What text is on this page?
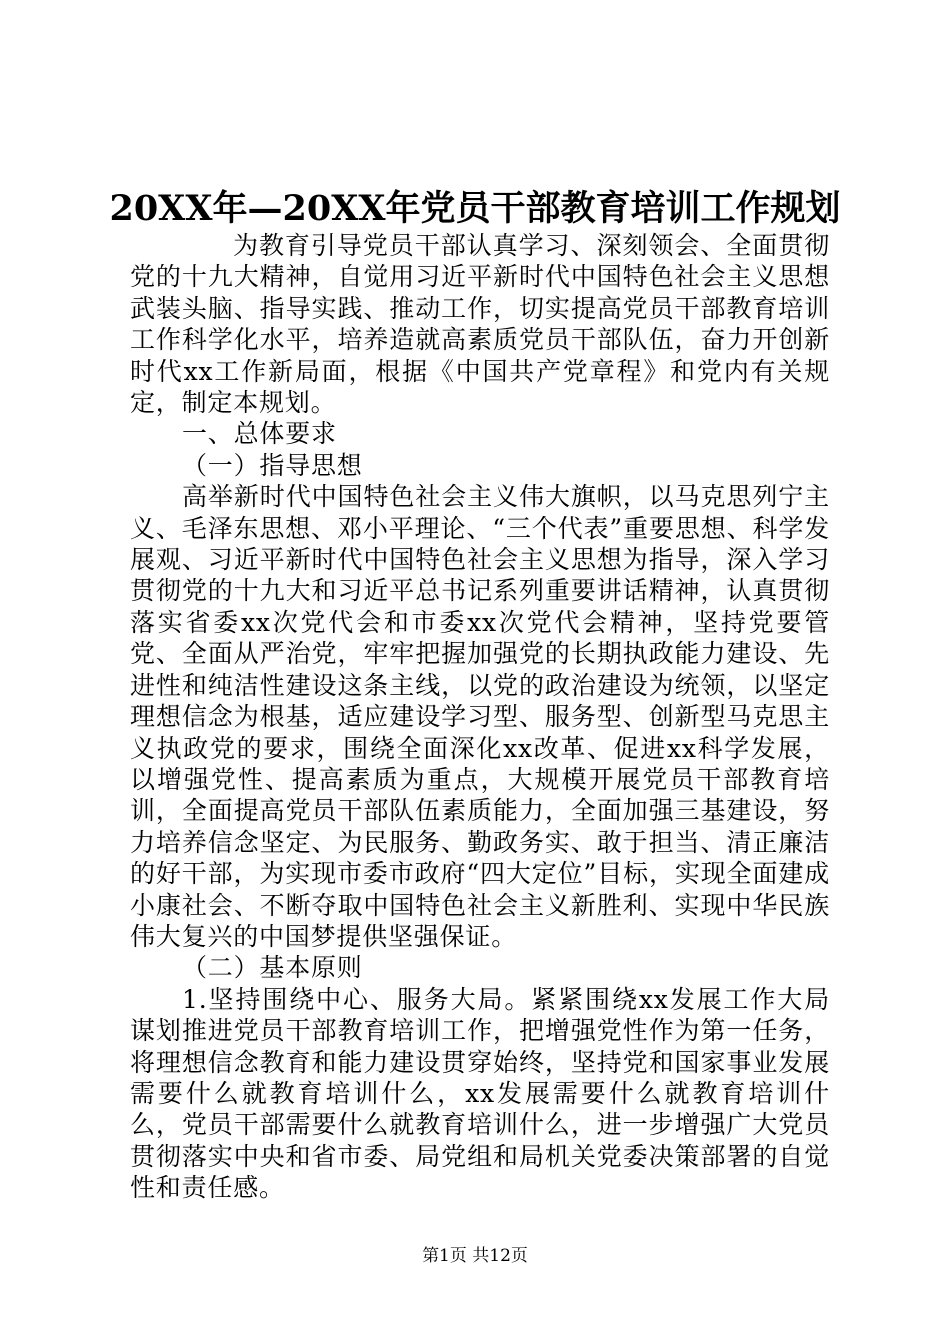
20XX年—20XX年党员干部教育培训工作规划

为教育引导党员干部认真学习、深刻领会、全面贯彻党的十九大精神，自觉用习近平新时代中国特色社会主义思想武装头脑、指导实践、推动工作，切实提高党员干部教育培训工作科学化水平，培养造就高素质党员干部队伍，奋力开创新时代xx工作新局面，根据《中国共产党章程》和党内有关规定，制定本规划。

一、总体要求

（一）指导思想

高举新时代中国特色社会主义伟大旗帜，以马克思列宁主义、毛泽东思想、邓小平理论、“三个代表”重要思想、科学发展观、习近平新时代中国特色社会主义思想为指导，深入学习贯彻党的十九大和习近平总书记系列重要讲话精神，认真贯彻落实省委xx次党代会和市委xx次党代会精神，坚持党要管党、全面从严治党，牢牢把握加强党的长期执政能力建设、先进性和纯洁性建设这条主线，以党的政治建设为统领，以坚定理想信念为根基，适应建设学习型、服务型、创新型马克思主义执政党的要求，围绕全面深化xx改革、促进xx科学发展，以增强党性、提高素质为重点，大规模开展党员干部教育培训，全面提高党员干部队伍素质能力，全面加强三基建设，努力培养信念坚定、为民服务、勤政务实、敢于担当、清正廉洁的好干部，为实现市委市政府“四大定位”目标，实现全面建成小康社会、不断夺取中国特色社会主义新胜利、实现中华民族伟大复兴的中国梦提供坚强保证。

（二）基本原则

1.坚持围绕中心、服务大局。紧紧围绕xx发展工作大局谋划推进党员干部教育培训工作，把增强党性作为第一任务，将理想信念教育和能力建设贯穿始终，坚持党和国家事业发展需要什么就教育培训什么，xx发展需要什么就教育培训什么，党员干部需要什么就教育培训什么，进一步增强广大党员贯彻落实中央和省市委、局党组和局机关党委决策部署的自觉性和责任感。

第1页 共12页
